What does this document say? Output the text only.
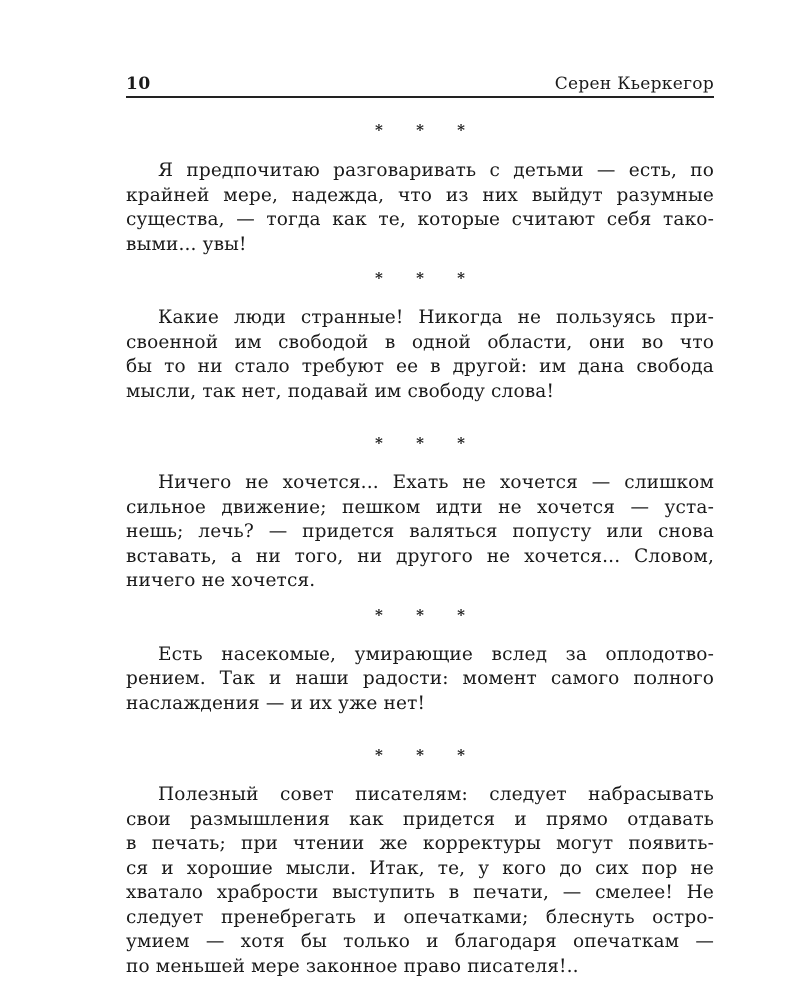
10	Серен Кьеркегор
* * *

Я предпочитаю разговаривать с детьми — есть, по
крайней мере, надежда, что из них выйдут разумные
существа, — тогда как те, которые считают себя тако-
выми... увы!

* * *

Какие люди странные! Никогда не пользуясь при-
своенной им свободой в одной области, они во что
бы то ни стало требуют ее в другой: им дана свобода
мысли, так нет, подавай им свободу слова!

* * *

Ничего не хочется... Ехать не хочется — слишком
сильное движение; пешком идти не хочется — уста-
нешь; лечь? — придется валяться попусту или снова
вставать, а ни того, ни другого не хочется... Словом,
ничего не хочется.

* * *

Есть насекомые, умирающие вслед за оплодотво-
рением. Так и наши радости: момент самого полного
наслаждения — и их уже нет!

* * *

Полезный совет писателям: следует набрасывать
свои размышления как придется и прямо отдавать
в печать; при чтении же корректуры могут появить-
ся и хорошие мысли. Итак, те, у кого до сих пор не
хватало храбрости выступить в печати, — смелее! Не
следует пренебрегать и опечатками; блеснуть остро-
умием — хотя бы только и благодаря опечаткам —
по меньшей мере законное право писателя!..
